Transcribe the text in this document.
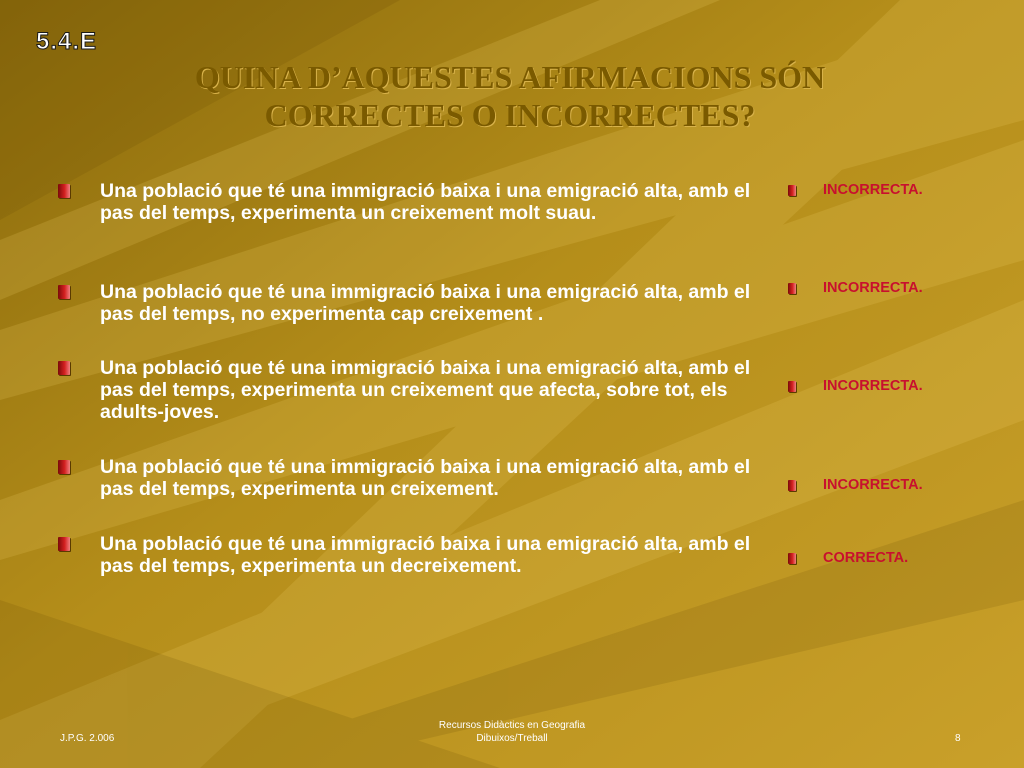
5.4.E
QUINA D’AQUESTES AFIRMACIONS SÓN
CORRECTES O INCORRECTES?
Una població que té una immigració baixa i una emigració alta, amb el pas del temps, experimenta un creixement molt suau.
Una població que té una immigració baixa i una emigració alta, amb el pas del temps, no experimenta cap creixement .
Una població que té una immigració baixa i una emigració alta, amb el pas del temps, experimenta un creixement que afecta, sobre tot, els adults-joves.
Una població que té una immigració baixa i una emigració alta, amb el pas del temps, experimenta un creixement.
Una població que té una immigració baixa i una emigració alta, amb el pas del temps, experimenta un decreixement.
INCORRECTA.
INCORRECTA.
INCORRECTA.
INCORRECTA.
CORRECTA.
J.P.G. 2.006
Recursos Didàctics en Geografia
Dibuixos/Treball	8
